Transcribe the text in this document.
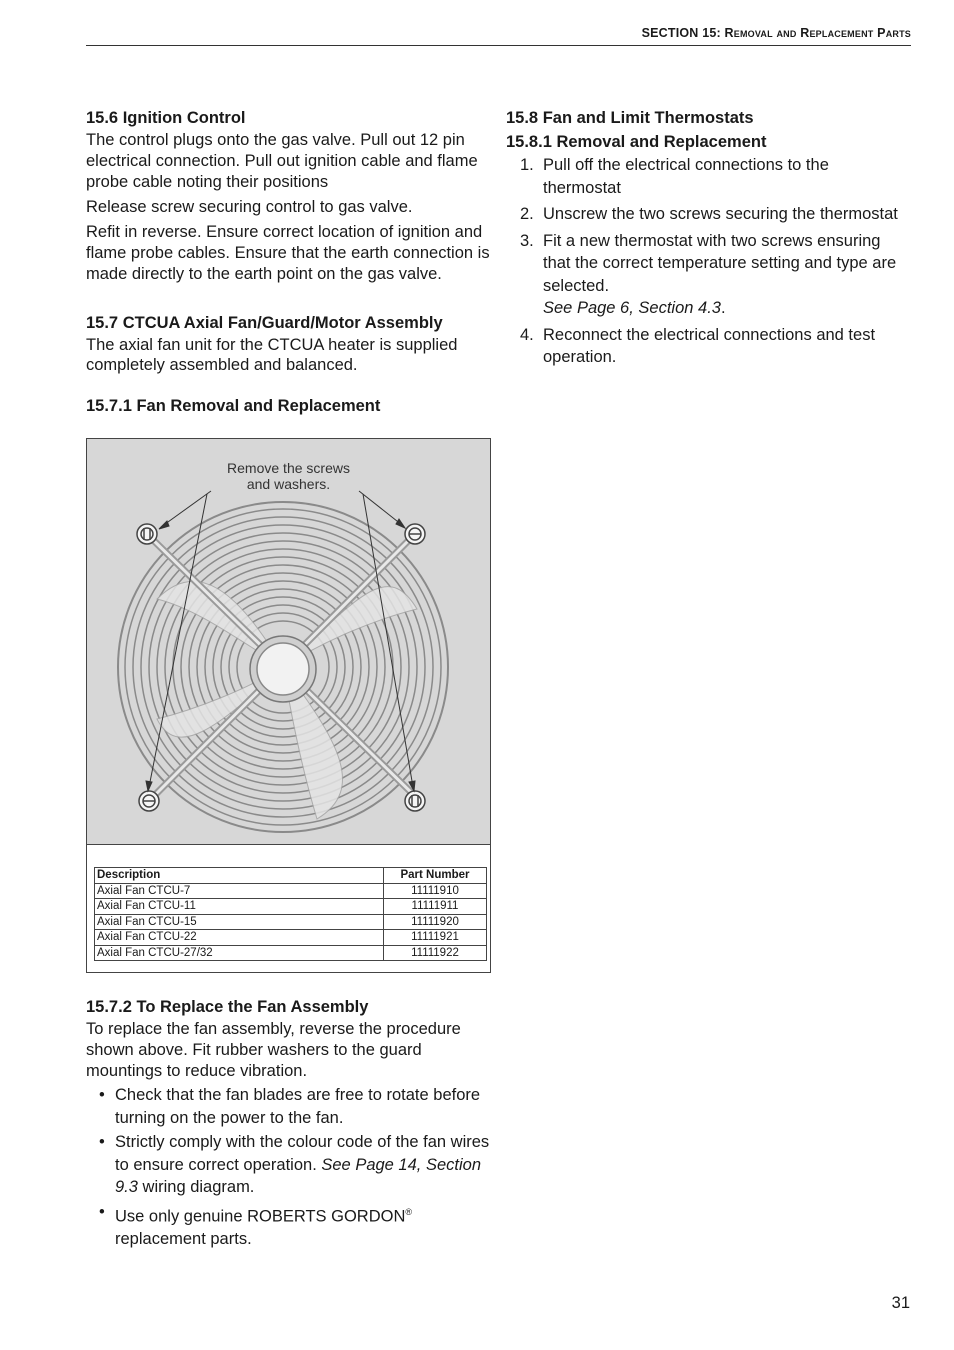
SECTION 15: Removal and Replacement Parts
15.6 Ignition Control

The control plugs onto the gas valve. Pull out 12 pin electrical connection. Pull out ignition cable and flame probe cable noting their positions

Release screw securing control to gas valve.

Refit in reverse. Ensure correct location of ignition and flame probe cables. Ensure that the earth connection is made directly to the earth point on the gas valve.

15.7 CTCUA Axial Fan/Guard/Motor Assembly

The axial fan unit for the CTCUA heater is supplied completely assembled and balanced.

15.7.1 Fan Removal and Replacement
Remove the screws
and washers.
Description	Part Number
Axial Fan CTCU-7	11111910
Axial Fan CTCU-11	11111911
Axial Fan CTCU-15	11111920
Axial Fan CTCU-22	11111921
Axial Fan CTCU-27/32	11111922
15.7.2 To Replace the Fan Assembly

To replace the fan assembly, reverse the procedure shown above. Fit rubber washers to the guard mountings to reduce vibration.

• Check that the fan blades are free to rotate before turning on the power to the fan.
• Strictly comply with the colour code of the fan wires to ensure correct operation. See Page 14, Section 9.3 wiring diagram.
• Use only genuine ROBERTS GORDON® replacement parts.
15.8 Fan and Limit Thermostats
15.8.1 Removal and Replacement
1. Pull off the electrical connections to the thermostat
2. Unscrew the two screws securing the thermostat
3. Fit a new thermostat with two screws ensuring that the correct temperature setting and type are selected.
See Page 6, Section 4.3.
4. Reconnect the electrical connections and test operation.
31
